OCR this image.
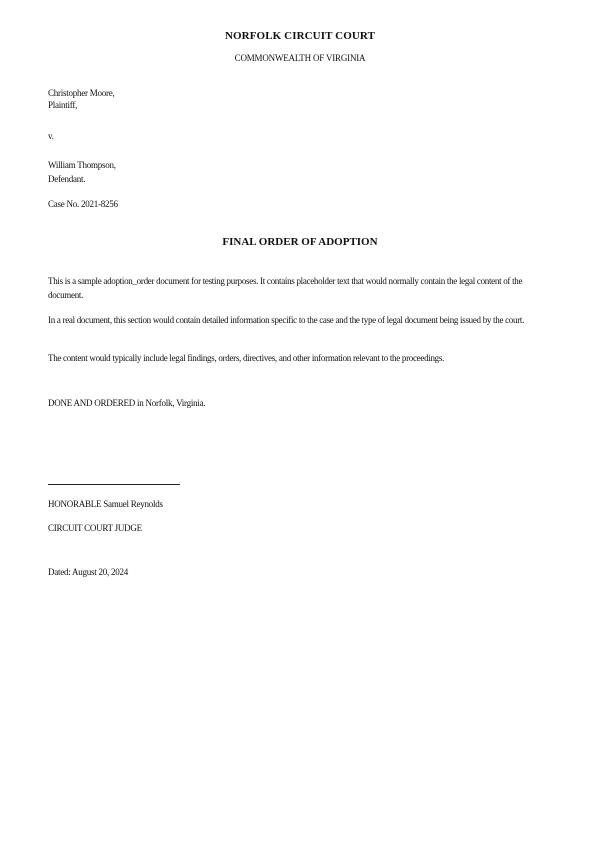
NORFOLK CIRCUIT COURT
COMMONWEALTH OF VIRGINIA
Christopher Moore,
Plaintiff,
v.
William Thompson,
Defendant.
Case No. 2021-8256
FINAL ORDER OF ADOPTION
This is a sample adoption_order document for testing purposes. It contains placeholder text that would normally contain the legal content of the document.
In a real document, this section would contain detailed information specific to the case and the type of legal document being issued by the court.
The content would typically include legal findings, orders, directives, and other information relevant to the proceedings.
DONE AND ORDERED in Norfolk, Virginia.
HONORABLE Samuel Reynolds
CIRCUIT COURT JUDGE
Dated: August 20, 2024
